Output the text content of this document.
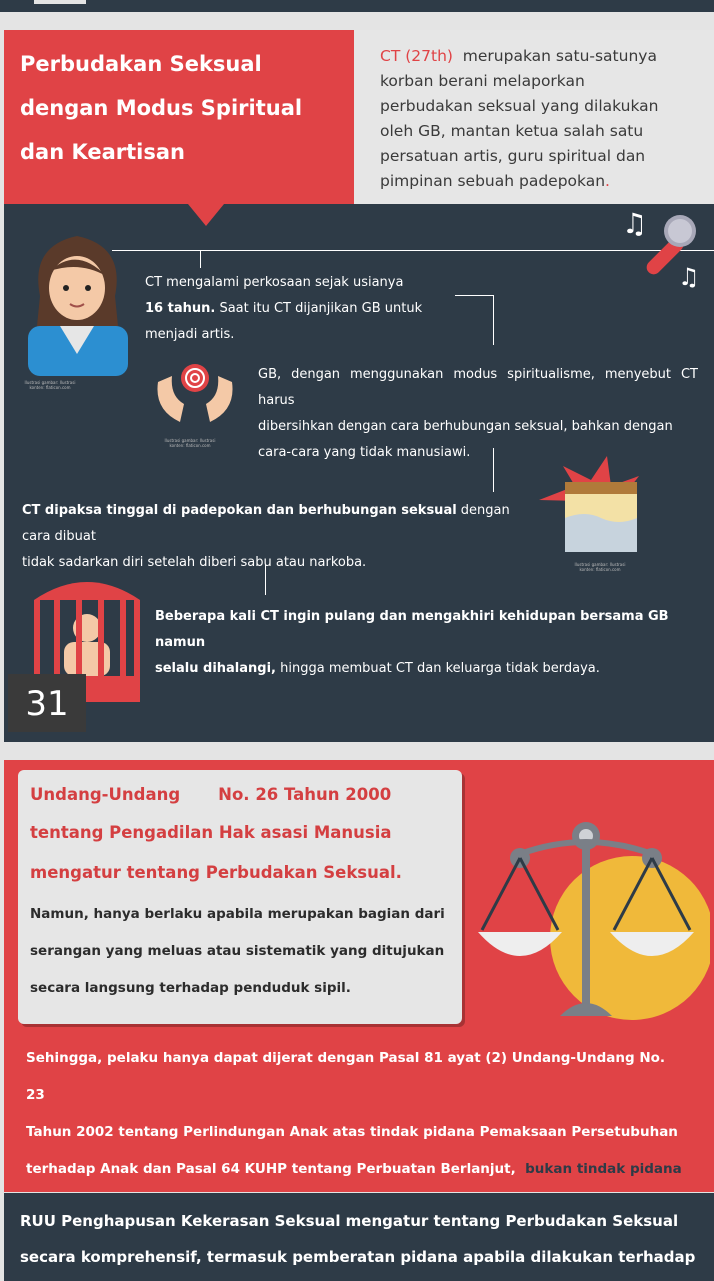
Perbudakan Seksual
dengan Modus Spiritual
dan Keartisan
CT (27th) merupakan satu-satunya
korban berani melaporkan
perbudakan seksual yang dilakukan
oleh GB, mantan ketua salah satu
persatuan artis, guru spiritual dan
pimpinan sebuah padepokan.
♫
♫
CT mengalami perkosaan sejak usianya
16 tahun. Saat itu CT dijanjikan GB untuk
menjadi artis.
Ilustrasi gambar: Ilustrasi
konten: flaticon.com
Ilustrasi gambar: Ilustrasi
konten: flaticon.com
GB, dengan menggunakan modus spiritualisme, menyebut CT harus
dibersihkan dengan cara berhubungan seksual, bahkan dengan
cara-cara yang tidak manusiawi.
Ilustrasi gambar: Ilustrasi
konten: flaticon.com
CT dipaksa tinggal di padepokan dan berhubungan seksual dengan cara dibuat
tidak sadarkan diri setelah diberi sabu atau narkoba.
Beberapa kali CT ingin pulang dan mengakhiri kehidupan bersama GB namun
selalu dihalangi, hingga membuat CT dan keluarga tidak berdaya.
31
Undang-Undang No. 26 Tahun 2000
tentang Pengadilan Hak asasi Manusia
mengatur tentang Perbudakan Seksual.
Namun, hanya berlaku apabila merupakan bagian dari
serangan yang meluas atau sistematik yang ditujukan
secara langsung terhadap penduduk sipil.
Sehingga, pelaku hanya dapat dijerat dengan Pasal 81 ayat (2) Undang-Undang No. 23
Tahun 2002 tentang Perlindungan Anak atas tindak pidana Pemaksaan Persetubuhan
terhadap Anak dan Pasal 64 KUHP tentang Perbuatan Berlanjut, bukan tindak pidana
RUU Penghapusan Kekerasan Seksual mengatur tentang Perbudakan Seksual
secara komprehensif, termasuk pemberatan pidana apabila dilakukan terhadap
